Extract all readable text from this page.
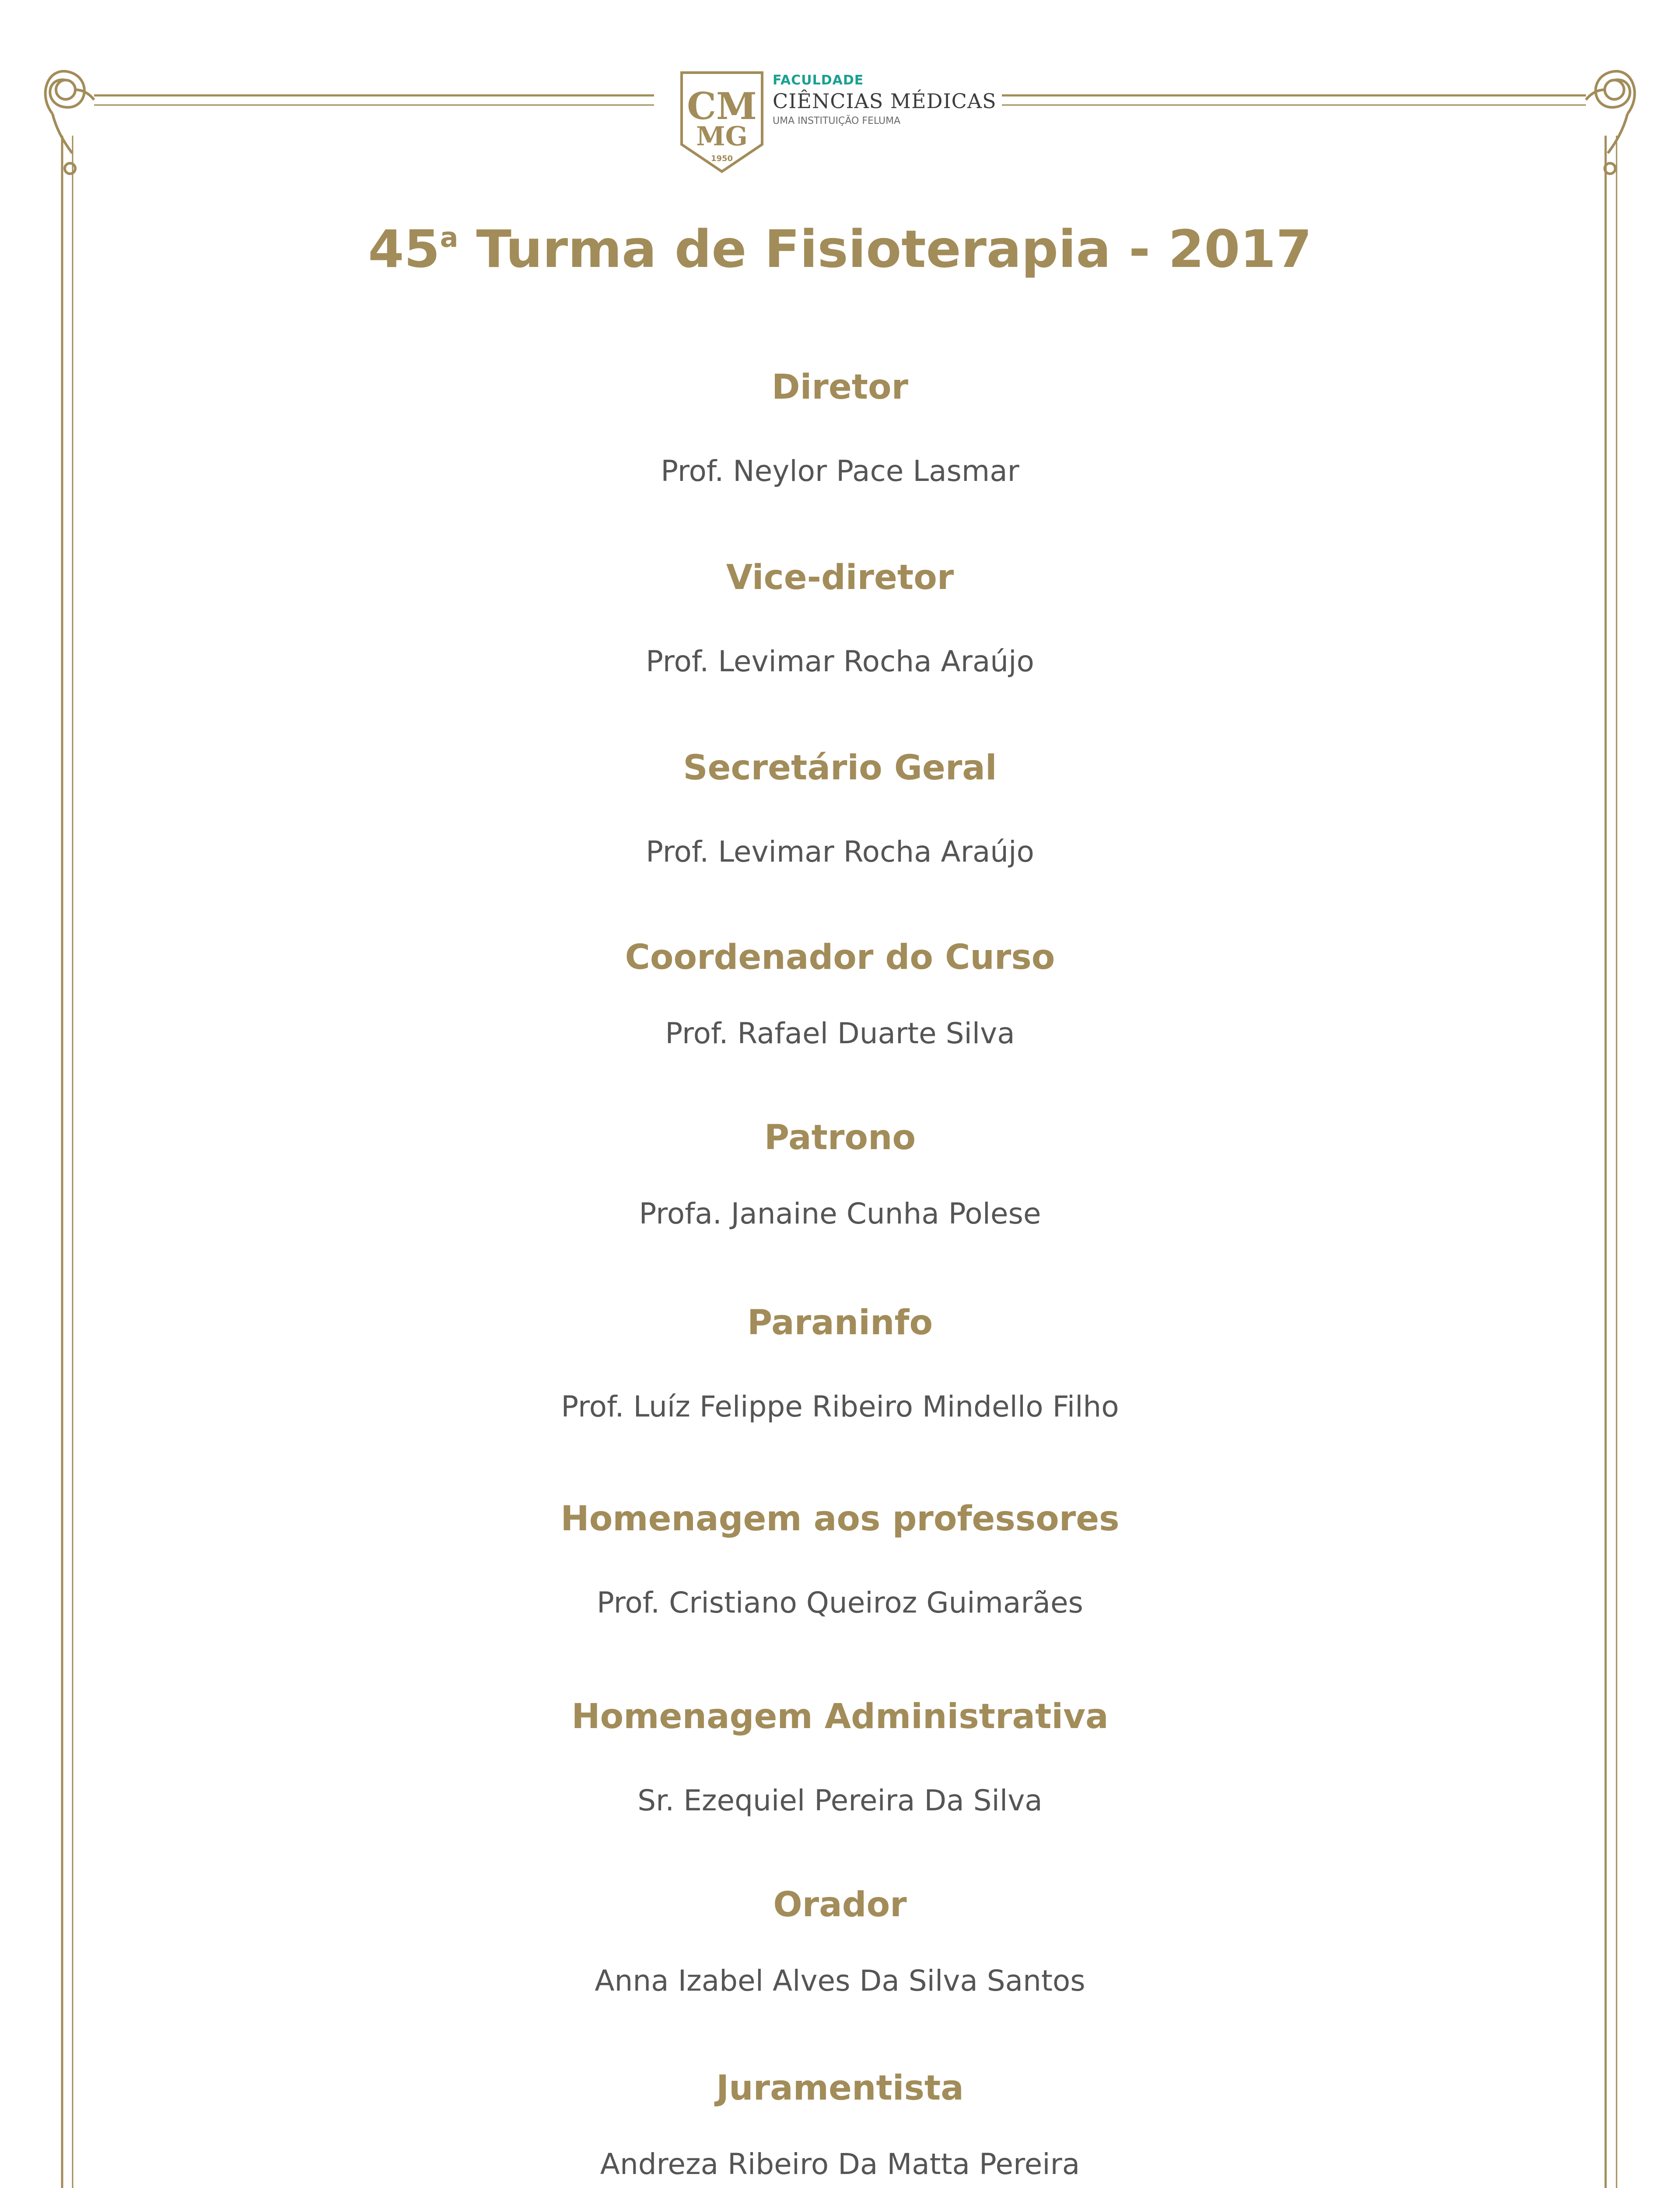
CM
MG
1950
FACULDADE
CIÊNCIAS MÉDICAS
UMA INSTITUIÇÃO FELUMA
45$^a$ Turma de Fisioterapia - 2017
Diretor
Prof. Neylor Pace Lasmar
Vice-diretor
Prof. Levimar Rocha Araújo
Secretário Geral
Prof. Levimar Rocha Araújo
Coordenador do Curso
Prof. Rafael Duarte Silva
Patrono
Profa. Janaine Cunha Polese
Paraninfo
Prof. Luíz Felippe Ribeiro Mindello Filho
Homenagem aos professores
Prof. Cristiano Queiroz Guimarães
Homenagem Administrativa
Sr. Ezequiel Pereira Da Silva
Orador
Anna Izabel Alves Da Silva Santos
Juramentista
Andreza Ribeiro Da Matta Pereira
